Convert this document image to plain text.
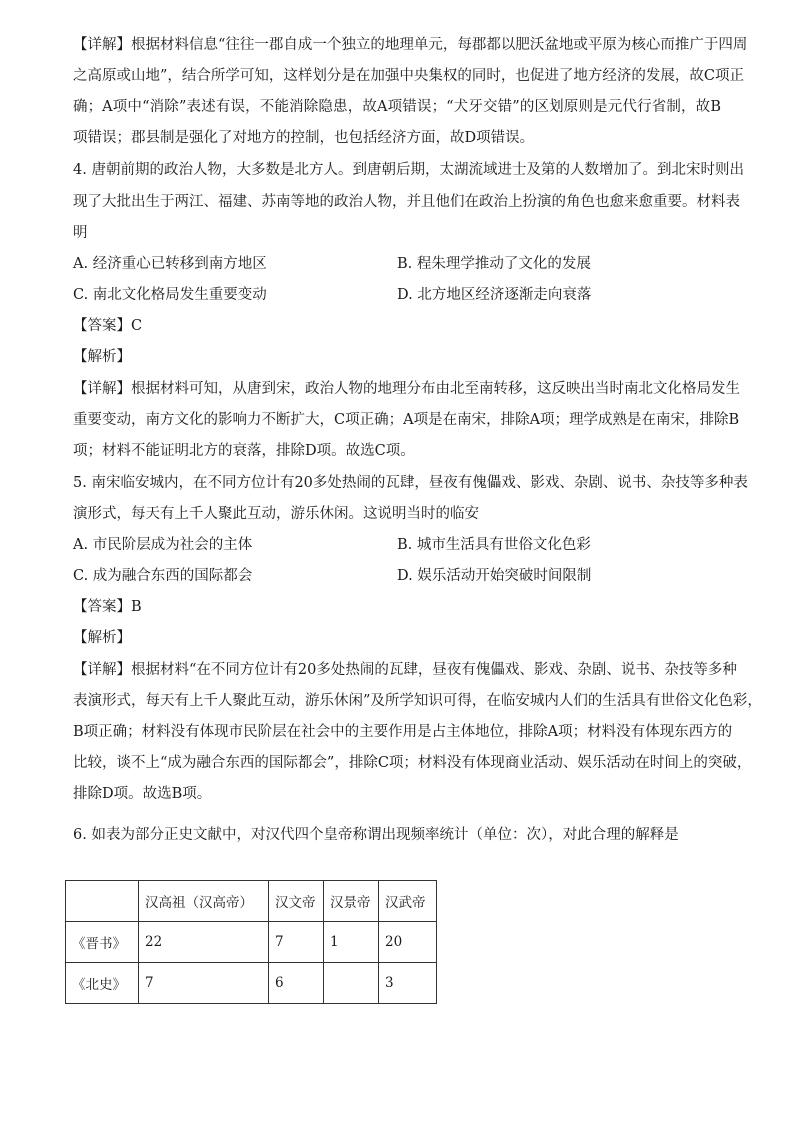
【详解】根据材料信息“往往一郡自成一个独立的地理单元，每郡都以肥沃盆地或平原为核心而推广于四周
之高原或山地”，结合所学可知，这样划分是在加强中央集权的同时，也促进了地方经济的发展，故C项正
确；A项中“消除”表述有误，不能消除隐患，故A项错误；“犬牙交错”的区划原则是元代行省制，故B
项错误；郡县制是强化了对地方的控制，也包括经济方面，故D项错误。
4. 唐朝前期的政治人物，大多数是北方人。到唐朝后期，太湖流域进士及第的人数增加了。到北宋时则出
现了大批出生于两江、福建、苏南等地的政治人物，并且他们在政治上扮演的角色也愈来愈重要。材料表
明
A. 经济重心已转移到南方地区	B. 程朱理学推动了文化的发展
C. 南北文化格局发生重要变动	D. 北方地区经济逐渐走向衰落
【答案】C
【解析】
【详解】根据材料可知，从唐到宋，政治人物的地理分布由北至南转移，这反映出当时南北文化格局发生
重要变动，南方文化的影响力不断扩大，C项正确；A项是在南宋，排除A项；理学成熟是在南宋，排除B
项；材料不能证明北方的衰落，排除D项。故选C项。
5. 南宋临安城内，在不同方位计有20多处热闹的瓦肆，昼夜有傀儡戏、影戏、杂剧、说书、杂技等多种表
演形式，每天有上千人聚此互动，游乐休闲。这说明当时的临安
A. 市民阶层成为社会的主体	B. 城市生活具有世俗文化色彩
C. 成为融合东西的国际都会	D. 娱乐活动开始突破时间限制
【答案】B
【解析】
【详解】根据材料“在不同方位计有20多处热闹的瓦肆，昼夜有傀儡戏、影戏、杂剧、说书、杂技等多种
表演形式，每天有上千人聚此互动，游乐休闲”及所学知识可得，在临安城内人们的生活具有世俗文化色彩，
B项正确；材料没有体现市民阶层在社会中的主要作用是占主体地位，排除A项；材料没有体现东西方的
比较，谈不上“成为融合东西的国际都会”，排除C项；材料没有体现商业活动、娱乐活动在时间上的突破，
排除D项。故选B项。
6. 如表为部分正史文献中，对汉代四个皇帝称谓出现频率统计（单位：次），对此合理的解释是
	汉高祖（汉高帝）	汉文帝	汉景帝	汉武帝
《晋书》	22	7	1	20
《北史》	7	6		3
